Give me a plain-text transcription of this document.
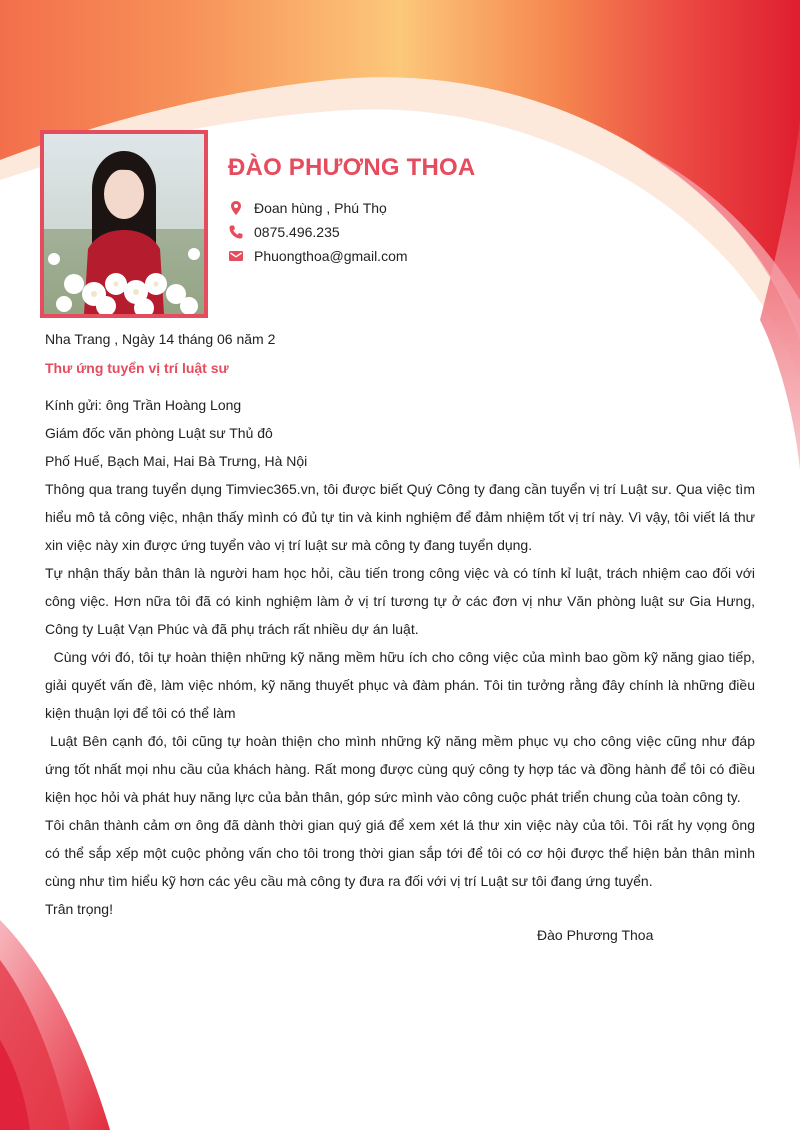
ĐÀO PHƯƠNG THOA
Đoan hùng , Phú Thọ
0875.496.235
Phuongthoa@gmail.com
Nha Trang , Ngày 14 tháng 06 năm 2
Thư ứng tuyển vị trí luật sư

Kính gửi: ông Trần Hoàng Long

Giám đốc văn phòng Luật sư Thủ đô

Phố Huế, Bạch Mai, Hai Bà Trưng, Hà Nội

Thông qua trang tuyển dụng Timviec365.vn, tôi được biết Quý Công ty đang cần tuyển vị trí Luật sư. Qua việc tìm hiểu mô tả công việc, nhận thấy mình có đủ tự tin và kinh nghiệm để đảm nhiệm tốt vị trí này. Vì vậy, tôi viết lá thư xin việc này xin được ứng tuyển vào vị trí luật sư mà công ty đang tuyển dụng.

Tự nhận thấy bản thân là người ham học hỏi, cầu tiến trong công việc và có tính kỉ luật, trách nhiệm cao đối với công việc. Hơn nữa tôi đã có kinh nghiệm làm ở vị trí tương tự ở các đơn vị như Văn phòng luật sư Gia Hưng, Công ty Luật Vạn Phúc và đã phụ trách rất nhiều dự án luật.

Cùng với đó, tôi tự hoàn thiện những kỹ năng mềm hữu ích cho công việc của mình bao gồm kỹ năng giao tiếp, giải quyết vấn đề, làm việc nhóm, kỹ năng thuyết phục và đàm phán. Tôi tin tưởng rằng đây chính là những điều kiện thuận lợi để tôi có thể làm

Luật Bên cạnh đó, tôi cũng tự hoàn thiện cho mình những kỹ năng mềm phục vụ cho công việc cũng như đáp ứng tốt nhất mọi nhu cầu của khách hàng. Rất mong được cùng quý công ty hợp tác và đồng hành để tôi có điều kiện học hỏi và phát huy năng lực của bản thân, góp sức mình vào công cuộc phát triển chung của toàn công ty.

Tôi chân thành cảm ơn ông đã dành thời gian quý giá để xem xét lá thư xin việc này của tôi. Tôi rất hy vọng ông có thể sắp xếp một cuộc phỏng vấn cho tôi trong thời gian sắp tới để tôi có cơ hội được thể hiện bản thân mình cùng như tìm hiểu kỹ hơn các yêu cầu mà công ty đưa ra đối với vị trí Luật sư tôi đang ứng tuyển.

Trân trọng!

Đào Phương Thoa
